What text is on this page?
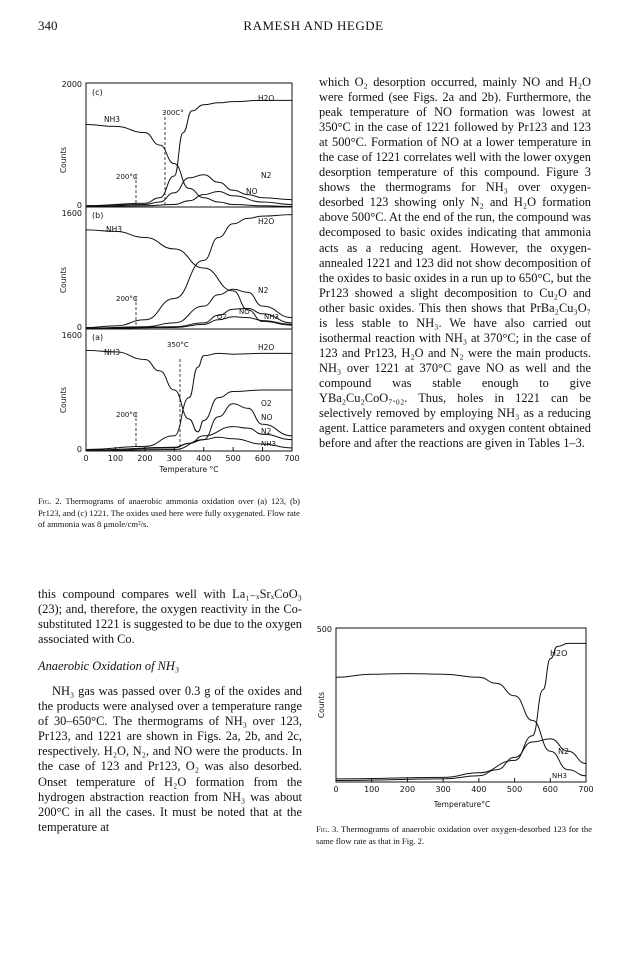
340	RAMESH AND HEGDE
2000
0
1600
0
1600
0
Counts
Counts
Counts
0 100 200 300 400 500 600 700
Temperature °C
(c)
(b)
(a)
NH3
300C°
200°C
H2O
N2
NO
NH3
200°C
H2O
N2
NO
O2	NH3
NH3
350°C
200°C
H2O
O2
NO
N2
NH3
Fig. 2. Thermograms of anaerobic ammonia oxidation over (a) 123, (b) Pr123, and (c) 1221. The oxides used here were fully oxygenated. Flow rate of ammonia was 8 μmole/cm²/s.

which O₂ desorption occurred, mainly NO and H₂O were formed (see Figs. 2a and 2b). Furthermore, the peak temperature of NO formation was lowest at 350°C in the case of 1221 followed by Pr123 and 123 at 500°C. Formation of NO at a lower temperature in the case of 1221 correlates well with the lower oxygen desorption temperature of this compound. Figure 3 shows the thermograms for NH₃ over oxygen-desorbed 123 showing only N₂ and H₂O formation above 500°C. At the end of the run, the compound was decomposed to basic oxides indicating that ammonia acts as a reducing agent. However, the oxygen-annealed 1221 and 123 did not show decomposition of the oxides to basic oxides in a run up to 650°C, but the Pr123 showed a slight decomposition to Cu₂O and other basic oxides. This then shows that PrBa₂Cu₃O₇ is less stable to NH₃. We have also carried out isothermal reaction with NH₃ at 370°C; in the case of 123 and Pr123, H₂O and N₂ were the main products. NH₃ over 1221 at 370°C gave NO as well and the compound was stable enough to give YBa₂Cu₂CoO₇.₀₂. Thus, holes in 1221 can be selectively removed by employing NH₃ as a reducing agent. Lattice parameters and oxygen content obtained before and after the reactions are given in Tables 1–3.

this compound compares well with La₁₋ₓSrₓCoO₃ (23); and, therefore, the oxygen reactivity in the Co-substituted 1221 is suggested to be due to the oxygen associated with Co.

Anaerobic Oxidation of NH₃

NH₃ gas was passed over 0.3 g of the oxides and the products were analysed over a temperature range of 30–650°C. The thermograms of NH₃ over 123, Pr123, and 1221 are shown in Figs. 2a, 2b, and 2c, respectively. H₂O, N₂, and NO were the products. In the case of 123 and Pr123, O₂ was also desorbed. Onset temperature of H₂O formation from the hydrogen abstraction reaction from NH₃ was about 200°C in all the cases. It must be noted that at the temperature at

500
Counts
0	100	200	300	400	500	600	700
Temperature°C
H2O
N2
NH3
Fig. 3. Thermograms of anaerobic oxidation over oxygen-desorbed 123 for the same flow rate as that in Fig. 2.
